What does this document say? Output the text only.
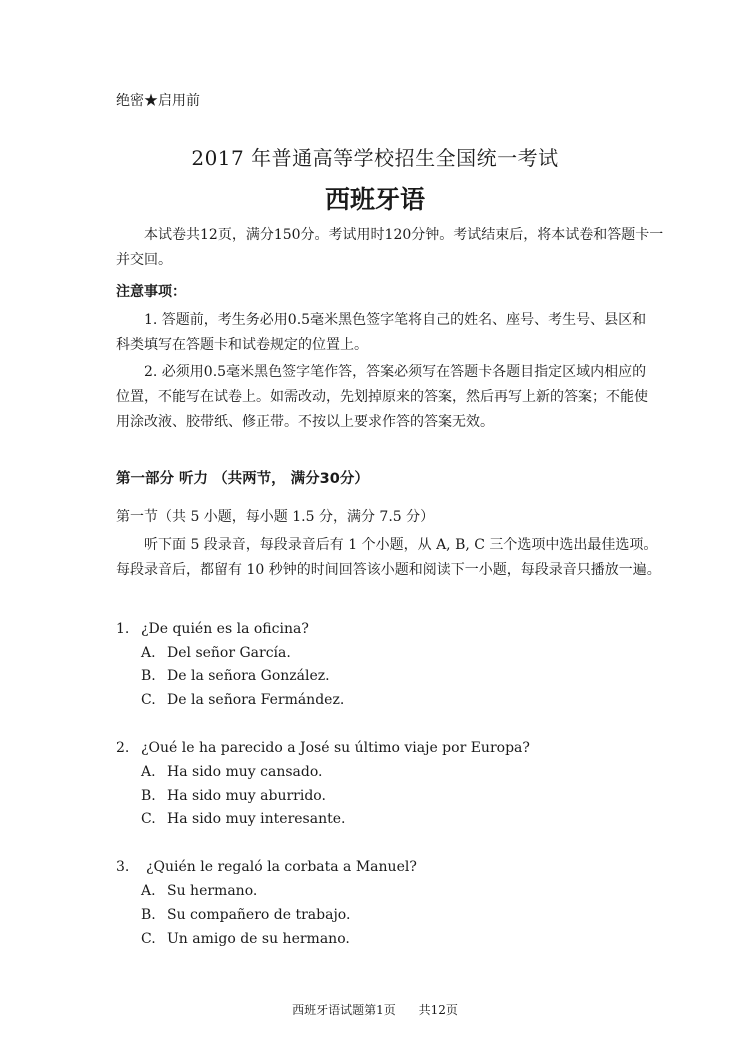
绝密★启用前
2017 年普通高等学校招生全国统一考试
西班牙语
本试卷共12页，满分150分。考试用时120分钟。考试结束后，将本试卷和答题卡一
并交回。
注意事项：
1. 答题前，考生务必用0.5毫米黑色签字笔将自己的姓名、座号、考生号、县区和
科类填写在答题卡和试卷规定的位置上。
2. 必须用0.5毫米黑色签字笔作答，答案必须写在答题卡各题目指定区域内相应的
位置，不能写在试卷上。如需改动，先划掉原来的答案，然后再写上新的答案；不能使
用涂改液、胶带纸、修正带。不按以上要求作答的答案无效。
第一部分 听力 （共两节， 满分30分）
第一节（共 5 小题，每小题 1.5 分，满分 7.5 分）
听下面 5 段录音，每段录音后有 1 个小题，从 A, B, C 三个选项中选出最佳选项。
每段录音后，都留有 10 秒钟的时间回答该小题和阅读下一小题，每段录音只播放一遍。
1. ¿De quién es la oficina?
A. Del señor García.
B. De la señora González.
C. De la señora Fermández.
2. ¿Oué le ha parecido a José su último viaje por Europa?
A. Ha sido muy cansado.
B. Ha sido muy aburrido.
C. Ha sido muy interesante.
3. ¿Quién le regaló la corbata a Manuel?
A. Su hermano.
B. Su compañero de trabajo.
C. Un amigo de su hermano.
西班牙语试题第1页      共12页
